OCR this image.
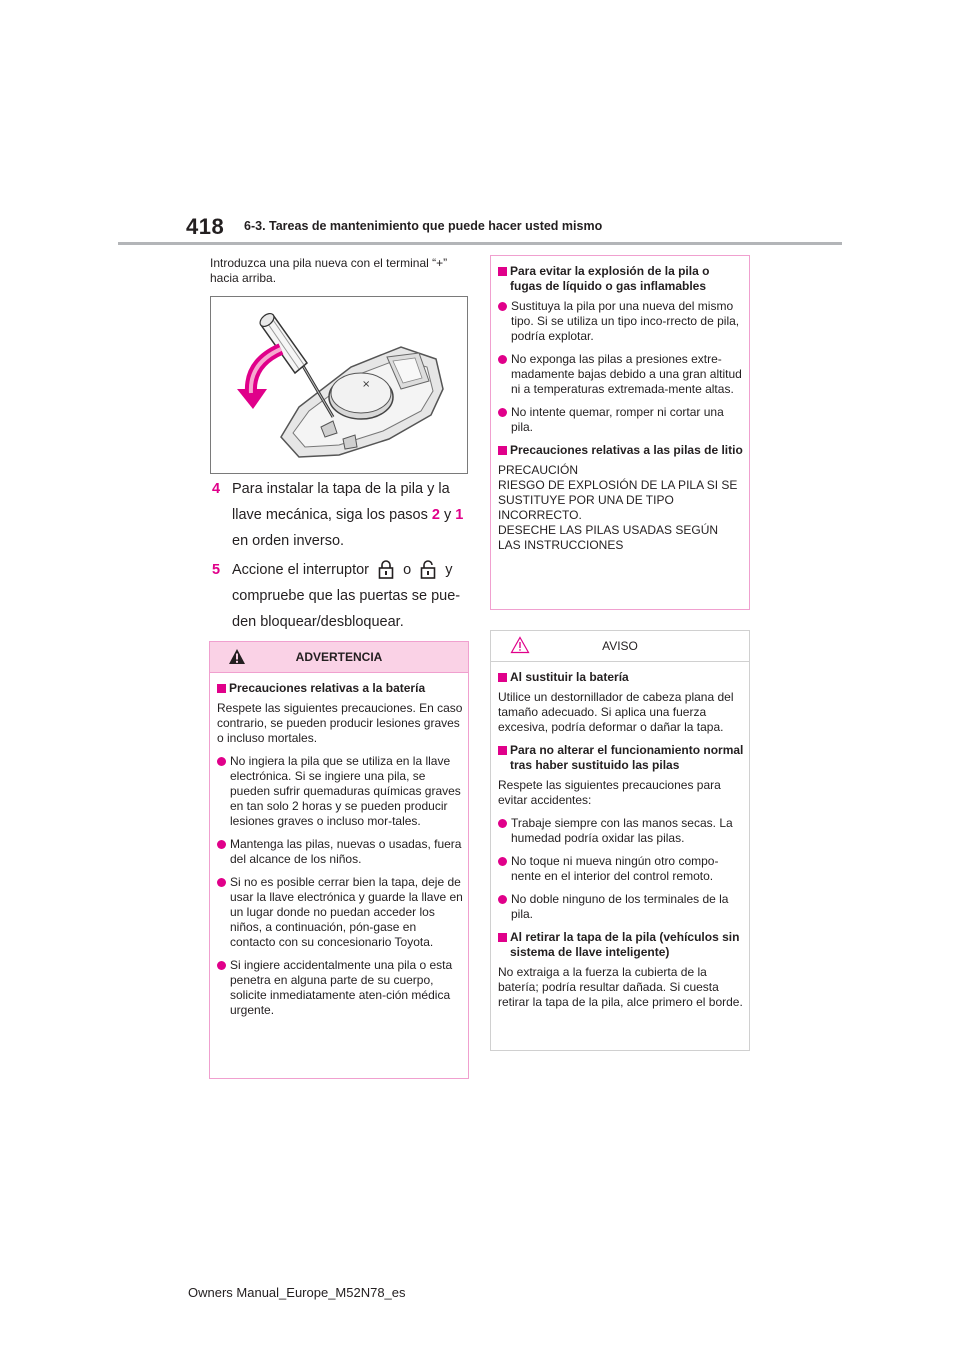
418 6-3. Tareas de mantenimiento que puede hacer usted mismo
Introduzca una pila nueva con el terminal “+” hacia arriba.
×
4 Para instalar la tapa de la pila y la llave mecánica, siga los pasos 2 y 1 en orden inverso.
5 Accione el interruptor  o  y compruebe que las puertas se pue-den bloquear/desbloquear.
ADVERTENCIA
Precauciones relativas a la batería
Respete las siguientes precauciones. En caso contrario, se pueden producir lesiones graves o incluso mortales.
No ingiera la pila que se utiliza en la llave electrónica. Si se ingiere una pila, se pueden sufrir quemaduras químicas graves en tan solo 2 horas y se pueden producir lesiones graves o incluso mor-tales.
Mantenga las pilas, nuevas o usadas, fuera del alcance de los niños.
Si no es posible cerrar bien la tapa, deje de usar la llave electrónica y guarde la llave en un lugar donde no puedan acceder los niños, a continuación, pón-gase en contacto con su concesionario Toyota.
Si ingiere accidentalmente una pila o esta penetra en alguna parte de su cuerpo, solicite inmediatamente aten-ción médica urgente.
Para evitar la explosión de la pila o fugas de líquido o gas inflamables
Sustituya la pila por una nueva del mismo tipo. Si se utiliza un tipo inco-rrecto de pila, podría explotar.
No exponga las pilas a presiones extre-madamente bajas debido a una gran altitud ni a temperaturas extremada-mente altas.
No intente quemar, romper ni cortar una pila.
Precauciones relativas a las pilas de litio
PRECAUCIÓN
RIESGO DE EXPLOSIÓN DE LA PILA SI SE SUSTITUYE POR UNA DE TIPO INCORRECTO.
DESECHE LAS PILAS USADAS SEGÚN LAS INSTRUCCIONES
AVISO
Al sustituir la batería
Utilice un destornillador de cabeza plana del tamaño adecuado. Si aplica una fuerza excesiva, podría deformar o dañar la tapa.
Para no alterar el funcionamiento normal tras haber sustituido las pilas
Respete las siguientes precauciones para evitar accidentes:
Trabaje siempre con las manos secas. La humedad podría oxidar las pilas.
No toque ni mueva ningún otro compo-nente en el interior del control remoto.
No doble ninguno de los terminales de la pila.
Al retirar la tapa de la pila (vehículos sin sistema de llave inteligente)
No extraiga a la fuerza la cubierta de la batería; podría resultar dañada. Si cuesta retirar la tapa de la pila, alce primero el borde.
Owners Manual_Europe_M52N78_es
